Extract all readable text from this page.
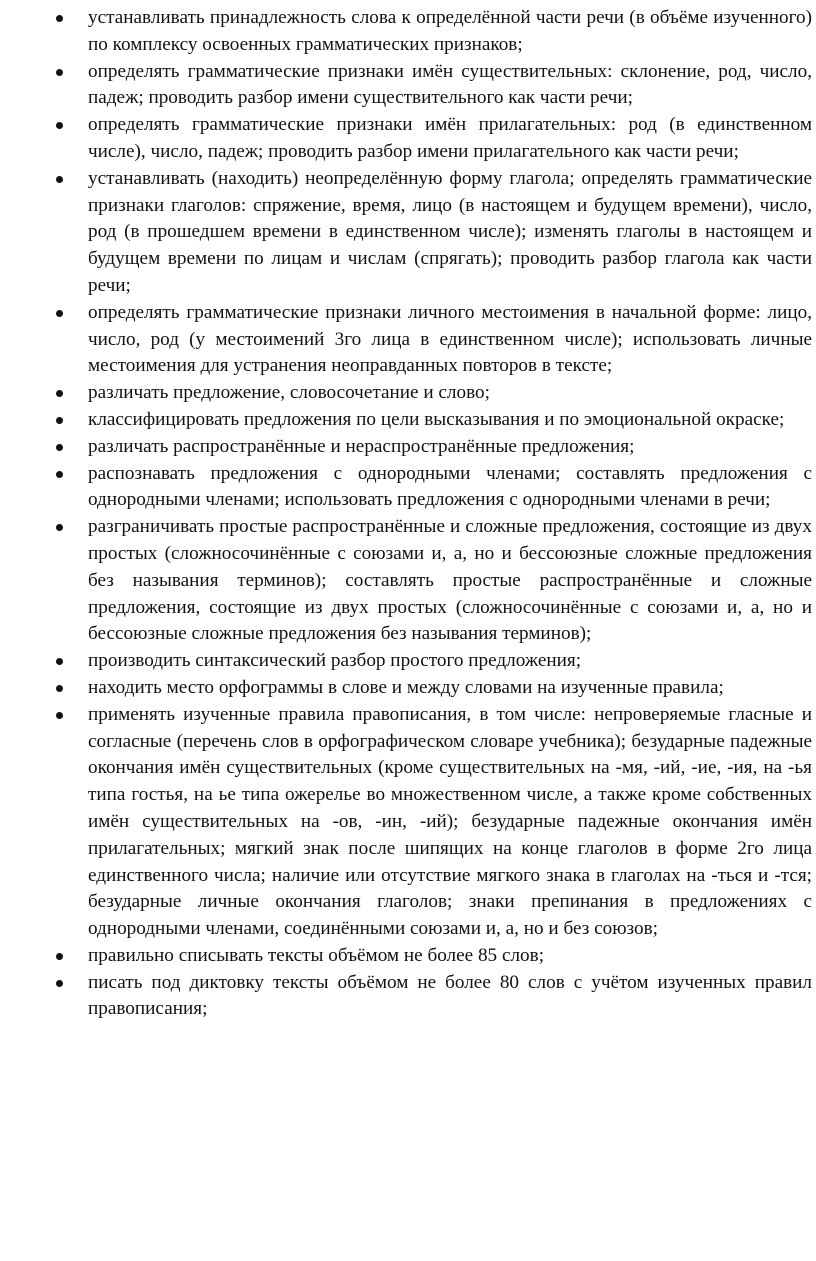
устанавливать принадлежность слова к определённой части речи (в объёме изученного) по комплексу освоенных грамматических признаков;
определять грамматические признаки имён существительных: склонение, род, число, падеж; проводить разбор имени существительного как части речи;
определять грамматические признаки имён прилагательных: род (в единственном числе), число, падеж; проводить разбор имени прилагательного как части речи;
устанавливать (находить) неопределённую форму глагола; определять грамматические признаки глаголов: спряжение, время, лицо (в настоящем и будущем времени), число, род (в прошедшем времени в единственном числе); изменять глаголы в настоящем и будущем времени по лицам и числам (спрягать); проводить разбор глагола как части речи;
определять грамматические признаки личного местоимения в начальной форме: лицо, число, род (у местоимений 3го лица в единственном числе); использовать личные местоимения для устранения неоправданных повторов в тексте;
различать предложение, словосочетание и слово;
классифицировать предложения по цели высказывания и по эмоциональной окраске;
различать распространённые и нераспространённые предложения;
распознавать предложения с однородными членами; составлять предложения с однородными членами; использовать предложения с однородными членами в речи;
разграничивать простые распространённые и сложные предложения, состоящие из двух простых (сложносочинённые с союзами и, а, но и бессоюзные сложные предложения без называния терминов); составлять простые распространённые и сложные предложения, состоящие из двух простых (сложносочинённые с союзами и, а, но и бессоюзные сложные предложения без называния терминов);
производить синтаксический разбор простого предложения;
находить место орфограммы в слове и между словами на изученные правила;
применять изученные правила правописания, в том числе: непроверяемые гласные и согласные (перечень слов в орфографическом словаре учебника); безударные падежные окончания имён существительных (кроме существительных на -мя, -ий, -ие, -ия, на -ья типа гостья, на ье типа ожерелье во множественном числе, а также кроме собственных имён существительных на -ов, -ин, -ий); безударные падежные окончания имён прилагательных; мягкий знак после шипящих на конце глаголов в форме 2го лица единственного числа; наличие или отсутствие мягкого знака в глаголах на -ться и -тся; безударные личные окончания глаголов; знаки препинания в предложениях с однородными членами, соединёнными союзами и, а, но и без союзов;
правильно списывать тексты объёмом не более 85 слов;
писать под диктовку тексты объёмом не более 80 слов с учётом изученных правил правописания;
